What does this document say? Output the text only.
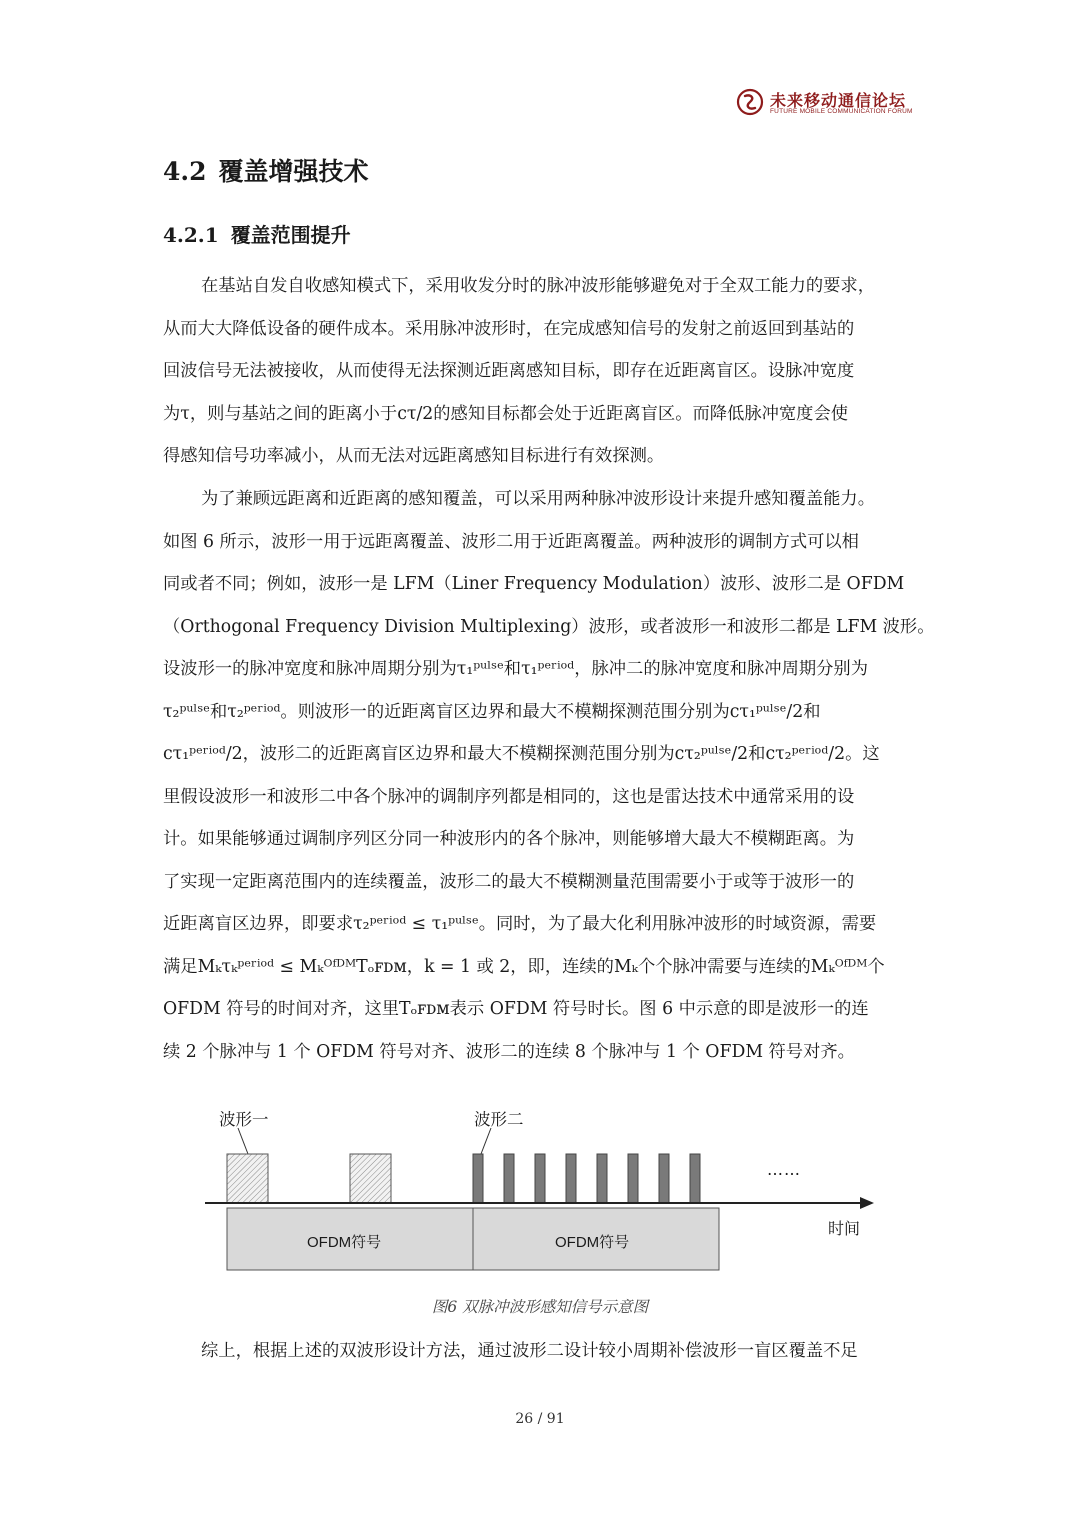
未来移动通信论坛
FUTURE MOBILE COMMUNICATION FORUM
4.2 覆盖增强技术
4.2.1 覆盖范围提升
在基站自发自收感知模式下，采用收发分时的脉冲波形能够避免对于全双工能力的要求，
从而大大降低设备的硬件成本。采用脉冲波形时，在完成感知信号的发射之前返回到基站的
回波信号无法被接收，从而使得无法探测近距离感知目标，即存在近距离盲区。设脉冲宽度
为τ，则与基站之间的距离小于cτ/2的感知目标都会处于近距离盲区。而降低脉冲宽度会使
得感知信号功率减小，从而无法对远距离感知目标进行有效探测。
为了兼顾远距离和近距离的感知覆盖，可以采用两种脉冲波形设计来提升感知覆盖能力。
如图 6 所示，波形一用于远距离覆盖、波形二用于近距离覆盖。两种波形的调制方式可以相
同或者不同；例如，波形一是 LFM（Liner Frequency Modulation）波形、波形二是 OFDM
（Orthogonal Frequency Division Multiplexing）波形，或者波形一和波形二都是 LFM 波形。
设波形一的脉冲宽度和脉冲周期分别为τ₁ᵖᵘˡˢᵉ和τ₁ᵖᵉʳⁱᵒᵈ，脉冲二的脉冲宽度和脉冲周期分别为
τ₂ᵖᵘˡˢᵉ和τ₂ᵖᵉʳⁱᵒᵈ。则波形一的近距离盲区边界和最大不模糊探测范围分别为cτ₁ᵖᵘˡˢᵉ/2和
cτ₁ᵖᵉʳⁱᵒᵈ/2，波形二的近距离盲区边界和最大不模糊探测范围分别为cτ₂ᵖᵘˡˢᵉ/2和cτ₂ᵖᵉʳⁱᵒᵈ/2。这
里假设波形一和波形二中各个脉冲的调制序列都是相同的，这也是雷达技术中通常采用的设
计。如果能够通过调制序列区分同一种波形内的各个脉冲，则能够增大最大不模糊距离。为
了实现一定距离范围内的连续覆盖，波形二的最大不模糊测量范围需要小于或等于波形一的
近距离盲区边界，即要求τ₂ᵖᵉʳⁱᵒᵈ ≤ τ₁ᵖᵘˡˢᵉ。同时，为了最大化利用脉冲波形的时域资源，需要
满足Mₖτₖᵖᵉʳⁱᵒᵈ ≤ MₖᴼᶠᴰᴹTₒꜰᴅᴍ，k = 1 或 2，即，连续的Mₖ个个脉冲需要与连续的Mₖᴼᶠᴰᴹ个
OFDM 符号的时间对齐，这里Tₒꜰᴅᴍ表示 OFDM 符号时长。图 6 中示意的即是波形一的连
续 2 个脉冲与 1 个 OFDM 符号对齐、波形二的连续 8 个脉冲与 1 个 OFDM 符号对齐。
波形一	波形二
……
时间
OFDM符号	OFDM符号
图6 双脉冲波形感知信号示意图
综上，根据上述的双波形设计方法，通过波形二设计较小周期补偿波形一盲区覆盖不足
26 / 91
